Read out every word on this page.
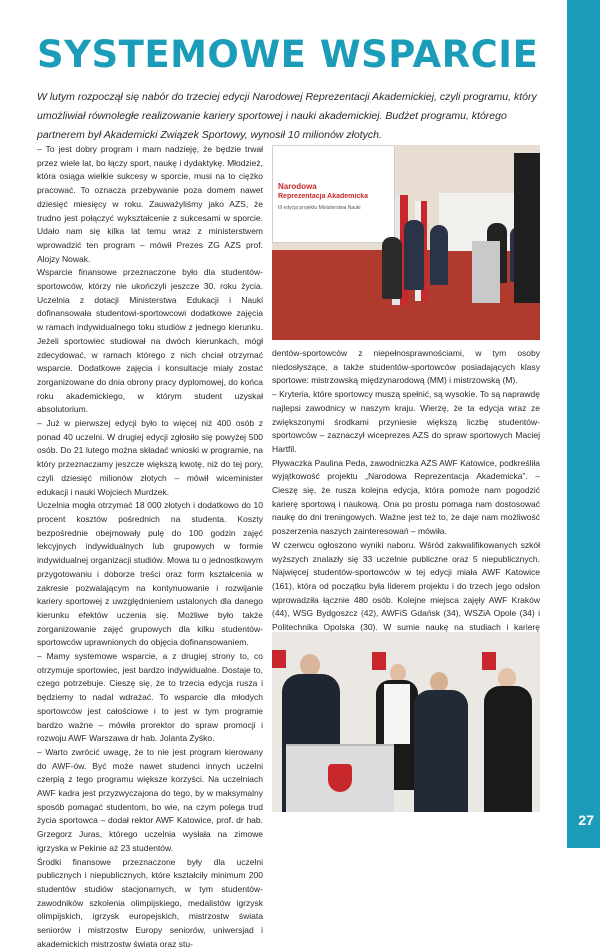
27
SYSTEMOWE WSPARCIE

W lutym rozpoczął się nabór do trzeciej edycji Narodowej Reprezentacji Akademickiej, czyli programu, który umożliwiał równoległe realizowanie kariery sportowej i nauki akademickiej. Budżet programu, którego partnerem był Akademicki Związek Sportowy, wynosił 10 milionów złotych.

– To jest dobry program i mam nadzieję, że będzie trwał przez wiele lat, bo łączy sport, naukę i dydaktykę. Młodzież, która osiąga wielkie sukcesy w sporcie, musi na to ciężko pracować. To oznacza przebywanie poza domem nawet dziesięć miesięcy w roku. Zauważyliśmy jako AZS, że trudno jest połączyć wykształcenie z sukcesami w sporcie. Udało nam się kilka lat temu wraz z ministerstwem wprowadzić ten program – mówił Prezes ZG AZS prof. Alojzy Nowak.

Wsparcie finansowe przeznaczone było dla studentów-sportowców, którzy nie ukończyli jeszcze 30. roku życia. Uczelnia z dotacji Ministerstwa Edukacji i Nauki dofinansowała studentowi-sportowcowi dodatkowe zajęcia w ramach indywidualnego toku studiów z jednego kierunku. Jeżeli sportowiec studiował na dwóch kierunkach, mógł zdecydować, w ramach którego z nich chciał otrzymać wsparcie. Dodatkowe zajęcia i konsultacje miały zostać zorganizowane do dnia obrony pracy dyplomowej, do końca roku akademickiego, w którym student uzyskał absolutorium.

– Już w pierwszej edycji było to więcej niż 400 osób z ponad 40 uczelni. W drugiej edycji zgłosiło się powyżej 500 osób. Do 21 lutego można składać wnioski w programie, na który przeznaczamy jeszcze większą kwotę, niż do tej pory, czyli dziesięć milionów złotych – mówił wiceminister edukacji i nauki Wojciech Murdzek.

Uczelnia mogła otrzymać 18 000 złotych i dodatkowo do 10 procent kosztów pośrednich na studenta. Koszty bezpośrednie obejmowały pulę do 100 godzin zajęć lekcyjnych indywidualnych lub grupowych w formie indywidualnej organizacji studiów. Mowa tu o jednostkowym przygotowaniu i doborze treści oraz form kształcenia w zakresie pozwalającym na kontynuowanie i rozwijanie kariery sportowej z uwzględnieniem ustalonych dla danego kierunku efektów uczenia się. Możliwe było także zorganizowanie zajęć grupowych dla kilku studentów-sportowców uprawnionych do objęcia dofinansowaniem.

– Mamy systemowe wsparcie, a z drugiej strony to, co otrzymuje sportowiec, jest bardzo indywidualne. Dostaje to, czego potrzebuje. Cieszę się, że to trzecia edycja rusza i będziemy to nadal wdrażać. To wsparcie dla młodych sportowców jest całościowe i to jest w tym programie bardzo ważne – mówiła prorektor do spraw promocji i rozwoju AWF Warszawa dr hab. Jolanta Żyśko.

– Warto zwrócić uwagę, że to nie jest program kierowany do AWF-ów. Być może nawet studenci innych uczelni czerpią z tego programu większe korzyści. Na uczelniach AWF kadra jest przyzwyczajona do tego, by w maksymalny sposób pomagać studentom, bo wie, na czym polega trud życia sportowca – dodał rektor AWF Katowice, prof. dr hab. Grzegorz Juras, którego uczelnia wysłała na zimowe igrzyska w Pekinie aż 23 studentów.

Środki finansowe przeznaczone były dla uczelni publicznych i niepublicznych, które kształciły minimum 200 studentów studiów stacjonarnych, w tym studentów-zawodników szkolenia olimpijskiego, medalistów igrzysk olimpijskich, igrzysk europejskich, mistrzostw świata seniorów i mistrzostw Europy seniorów, uniwersjad i akademickich mistrzostw świata oraz stu-

Narodowa
Reprezentacja Akademicka
III edycja projektu Ministerstwa Nauki

dentów-sportowców z niepełnosprawnościami, w tym osoby niedosłyszące, a także studentów-sportowców posiadających klasy sportowe: mistrzowską międzynarodową (MM) i mistrzowską (M).

– Kryteria, które sportowcy muszą spełnić, są wysokie. To są naprawdę najlepsi zawodnicy w naszym kraju. Wierzę, że ta edycja wraz ze zwiększonymi środkami przyniesie większą liczbę studentów-sportowców – zaznaczył wiceprezes AZS do spraw sportowych Maciej Hartfil.

Pływaczka Paulina Peda, zawodniczka AZS AWF Katowice, podkreśliła wyjątkowość projektu „Narodowa Reprezentacja Akademicka”. – Cieszę się, że rusza kolejna edycja, która pomoże nam pogodzić karierę sportową i naukową. Ona po prostu pomaga nam dostosować naukę do dni treningowych. Ważne jest też to, że daje nam możliwość poszerzenia naszych zainteresowań – mówiła.

W czerwcu ogłoszono wyniki naboru. Wśród zakwalifikowanych szkół wyższych znalazły się 33 uczelnie publiczne oraz 5 niepublicznych. Najwięcej studentów-sportowców w tej edycji miała AWF Katowice (161), która od początku była liderem projektu i do trzech jego odsłon wprowadziła łącznie 480 osób. Kolejne miejsca zajęły AWF Kraków (44), WSG Bydgoszcz (42), AWFiS Gdańsk (34), WSZiA Opole (34) i Politechnika Opolska (30). W sumie naukę na studiach i karierę
